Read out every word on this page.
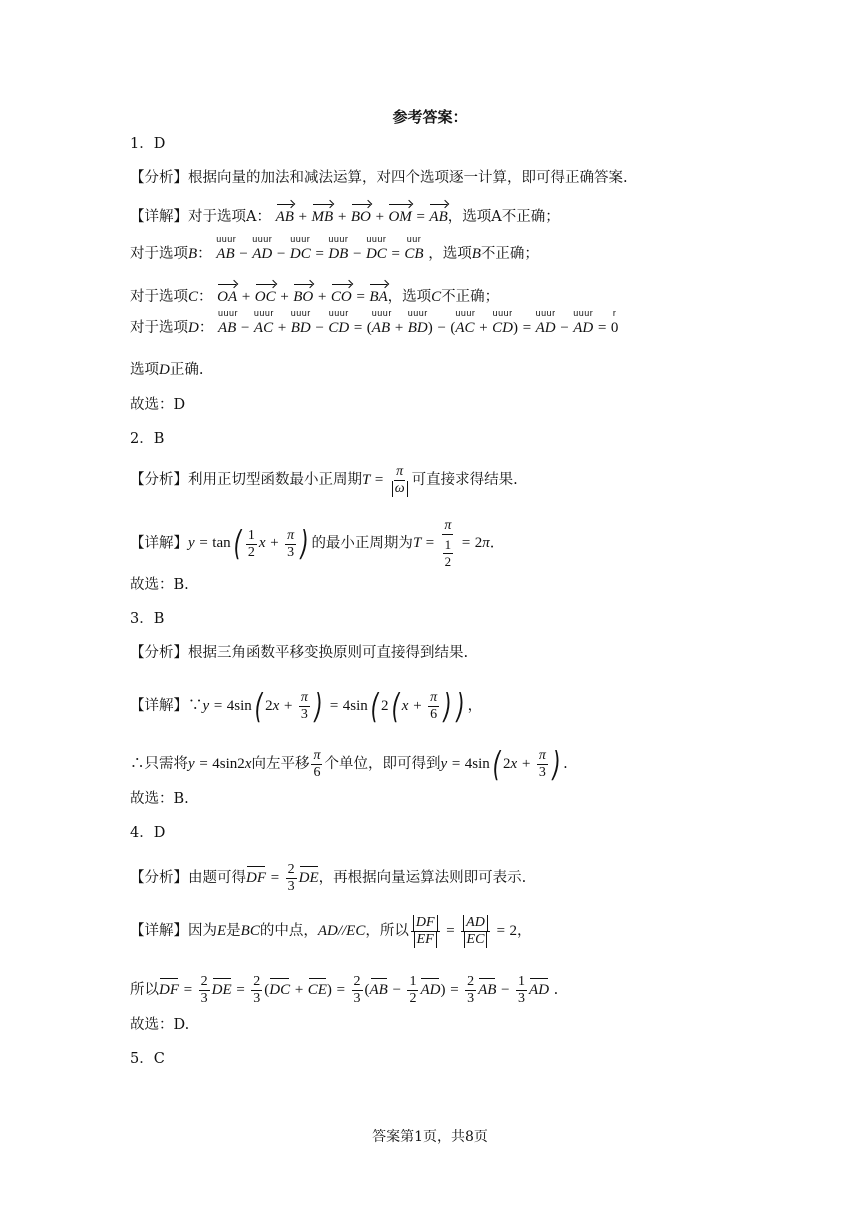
参考答案：
1．D
【分析】根据向量的加法和减法运算，对四个选项逐一计算，即可得正确答案.
【详解】对于选项A： AB + MB + BO + OM = AB，选项A不正确；
对于选项B： AB
uuur
− AD
uuur
− DC
uuur
= DB
uuur
− DC
uuur
= CB
uur
，选项B不正确；
对于选项C： OA + OC + BO + CO = BA，选项C不正确；
对于选项D： AB
uuur
− AC
uuur
+ BD
uuur
− CD
uuur
= (AB
uuur
+ BD
uuur
) − (AC
uuur
+ CD
uuur
) = AD
uuur
− AD
uuur
= 0
r
选项D正确.
故选：D
2．B
【分析】利用正切型函数最小正周期$T = \frac{\pi}{\omega}$ 可直接求得结果.
【详解】$y = \tan( \frac{1}{2}$ $x + \frac{\pi}{3}$ ) 的最小正周期为$T = \frac{\pi}{\frac{1}{2}} = 2\pi$.
故选：B.
3．B
【分析】根据三角函数平移变换原则可直接得到结果.
【详解】∵y = 4sin( $2x + \frac{\pi}{3}$ ) = 4sin( 2( $x + \frac{\pi}{6}$ ) ) ，
∴只需将y = 4sin2x向左平移 $\frac{\pi}{6}$ 个单位，即可得到y = 4sin( $2x + \frac{\pi}{3}$ ) .
故选：B.
4．D
【分析】由题可得DF = $\frac{2}{3}$ DE，再根据向量运算法则即可表示.
【详解】因为E是BC的中点，AD//EC，所以 $\frac{DF}{EF} = \frac{AD}{EC} = 2$，
所以DF = $\frac{2}{3}$ DE = $\frac{2}{3} (DC + CE) = \frac{2}{3} (AB - \frac{1}{2} AD) = \frac{2}{3}$ AB − $\frac{1}{3}$ AD .
故选：D.
5．C
答案第1页，共8页
